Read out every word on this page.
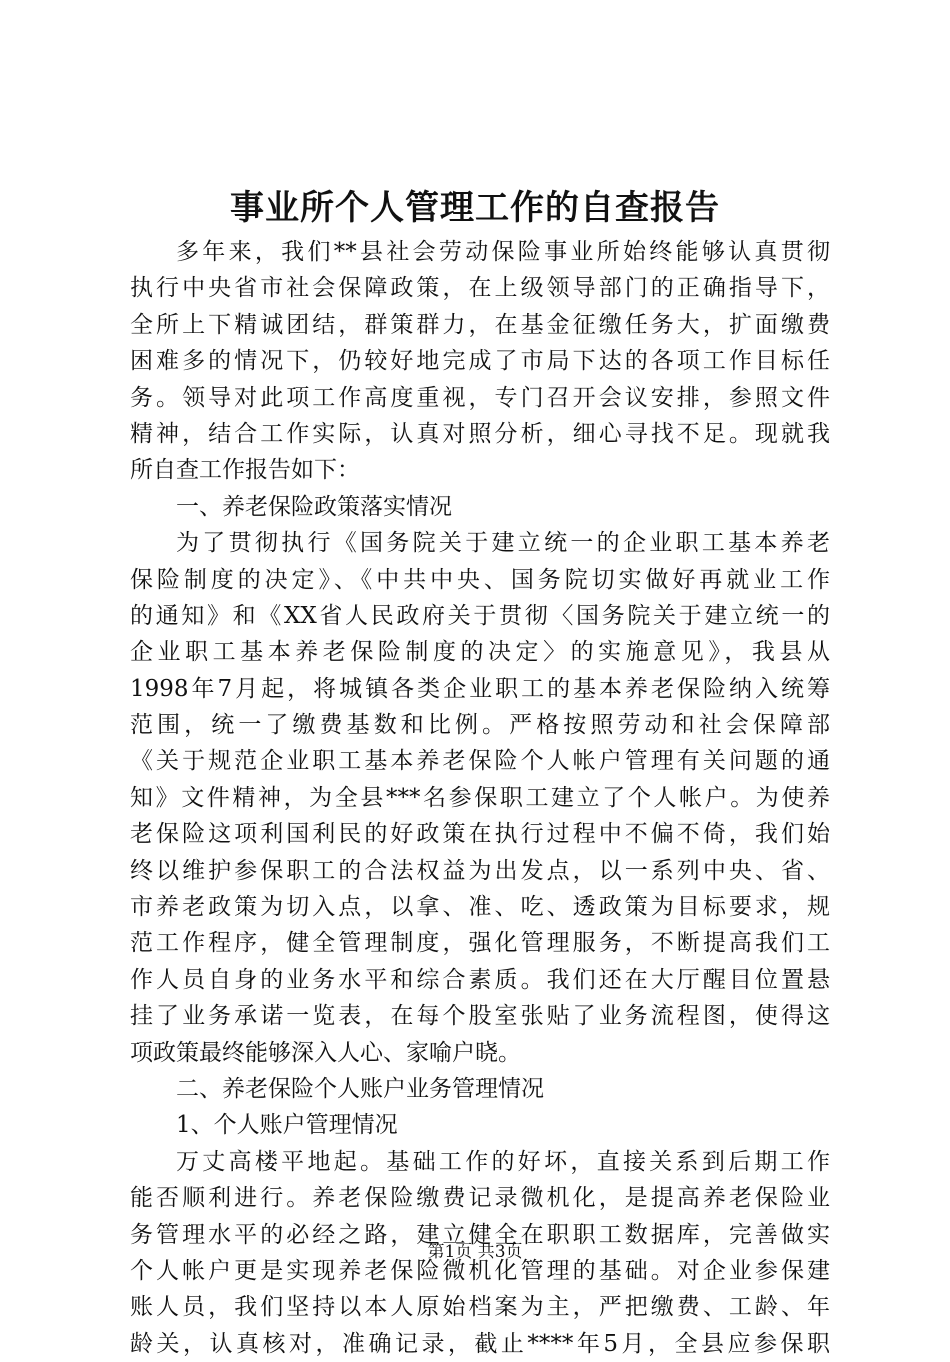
事业所个人管理工作的自查报告
多年来，我们**县社会劳动保险事业所始终能够认真贯彻
执行中央省市社会保障政策，在上级领导部门的正确指导下，
全所上下精诚团结，群策群力，在基金征缴任务大，扩面缴费
困难多的情况下，仍较好地完成了市局下达的各项工作目标任
务。领导对此项工作高度重视，专门召开会议安排，参照文件
精神，结合工作实际，认真对照分析，细心寻找不足。现就我
所自查工作报告如下：
一、养老保险政策落实情况
为了贯彻执行《国务院关于建立统一的企业职工基本养老
保险制度的决定》、《中共中央、国务院切实做好再就业工作
的通知》和《XX省人民政府关于贯彻〈国务院关于建立统一的
企业职工基本养老保险制度的决定〉的实施意见》，我县从
1998年7月起，将城镇各类企业职工的基本养老保险纳入统筹
范围，统一了缴费基数和比例。严格按照劳动和社会保障部
《关于规范企业职工基本养老保险个人帐户管理有关问题的通
知》文件精神，为全县***名参保职工建立了个人帐户。为使养
老保险这项利国利民的好政策在执行过程中不偏不倚，我们始
终以维护参保职工的合法权益为出发点，以一系列中央、省、
市养老政策为切入点，以拿、准、吃、透政策为目标要求，规
范工作程序，健全管理制度，强化管理服务，不断提高我们工
作人员自身的业务水平和综合素质。我们还在大厅醒目位置悬
挂了业务承诺一览表，在每个股室张贴了业务流程图，使得这
项政策最终能够深入人心、家喻户晓。
二、养老保险个人账户业务管理情况
1、个人账户管理情况
万丈高楼平地起。基础工作的好坏，直接关系到后期工作
能否顺利进行。养老保险缴费记录微机化，是提高养老保险业
务管理水平的必经之路，建立健全在职职工数据库，完善做实
个人帐户更是实现养老保险微机化管理的基础。对企业参保建
账人员，我们坚持以本人原始档案为主，严把缴费、工龄、年
龄关，认真核对，准确记录，截止****年5月，全县应参保职
第1页 共3页
